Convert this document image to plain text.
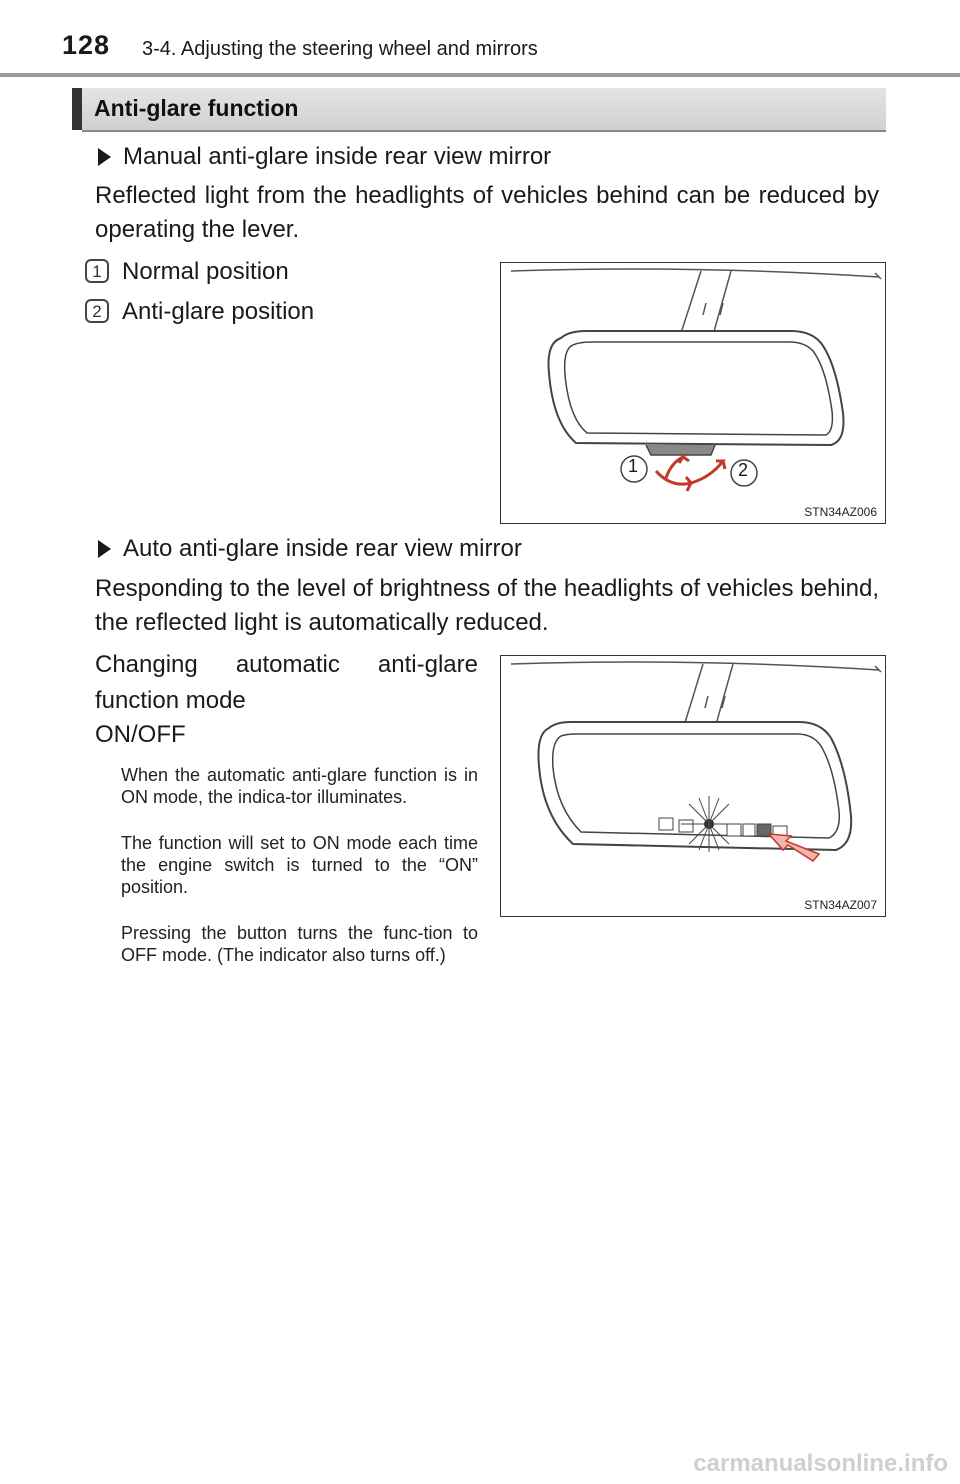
128 3-4. Adjusting the steering wheel and mirrors
Anti-glare function
Manual anti-glare inside rear view mirror
Reflected light from the headlights of vehicles behind can be reduced by operating the lever.
1 Normal position
2 Anti-glare position
1	2
STN34AZ006
Auto anti-glare inside rear view mirror
Responding to the level of brightness of the headlights of vehicles behind, the reflected light is automatically reduced.
Changing automatic anti-glare function mode
ON/OFF
When the automatic anti-glare function is in ON mode, the indica-tor illuminates.
The function will set to ON mode each time the engine switch is turned to the “ON” position.
Pressing the button turns the func-tion to OFF mode. (The indicator also turns off.)
STN34AZ007
carmanualsonline.info
